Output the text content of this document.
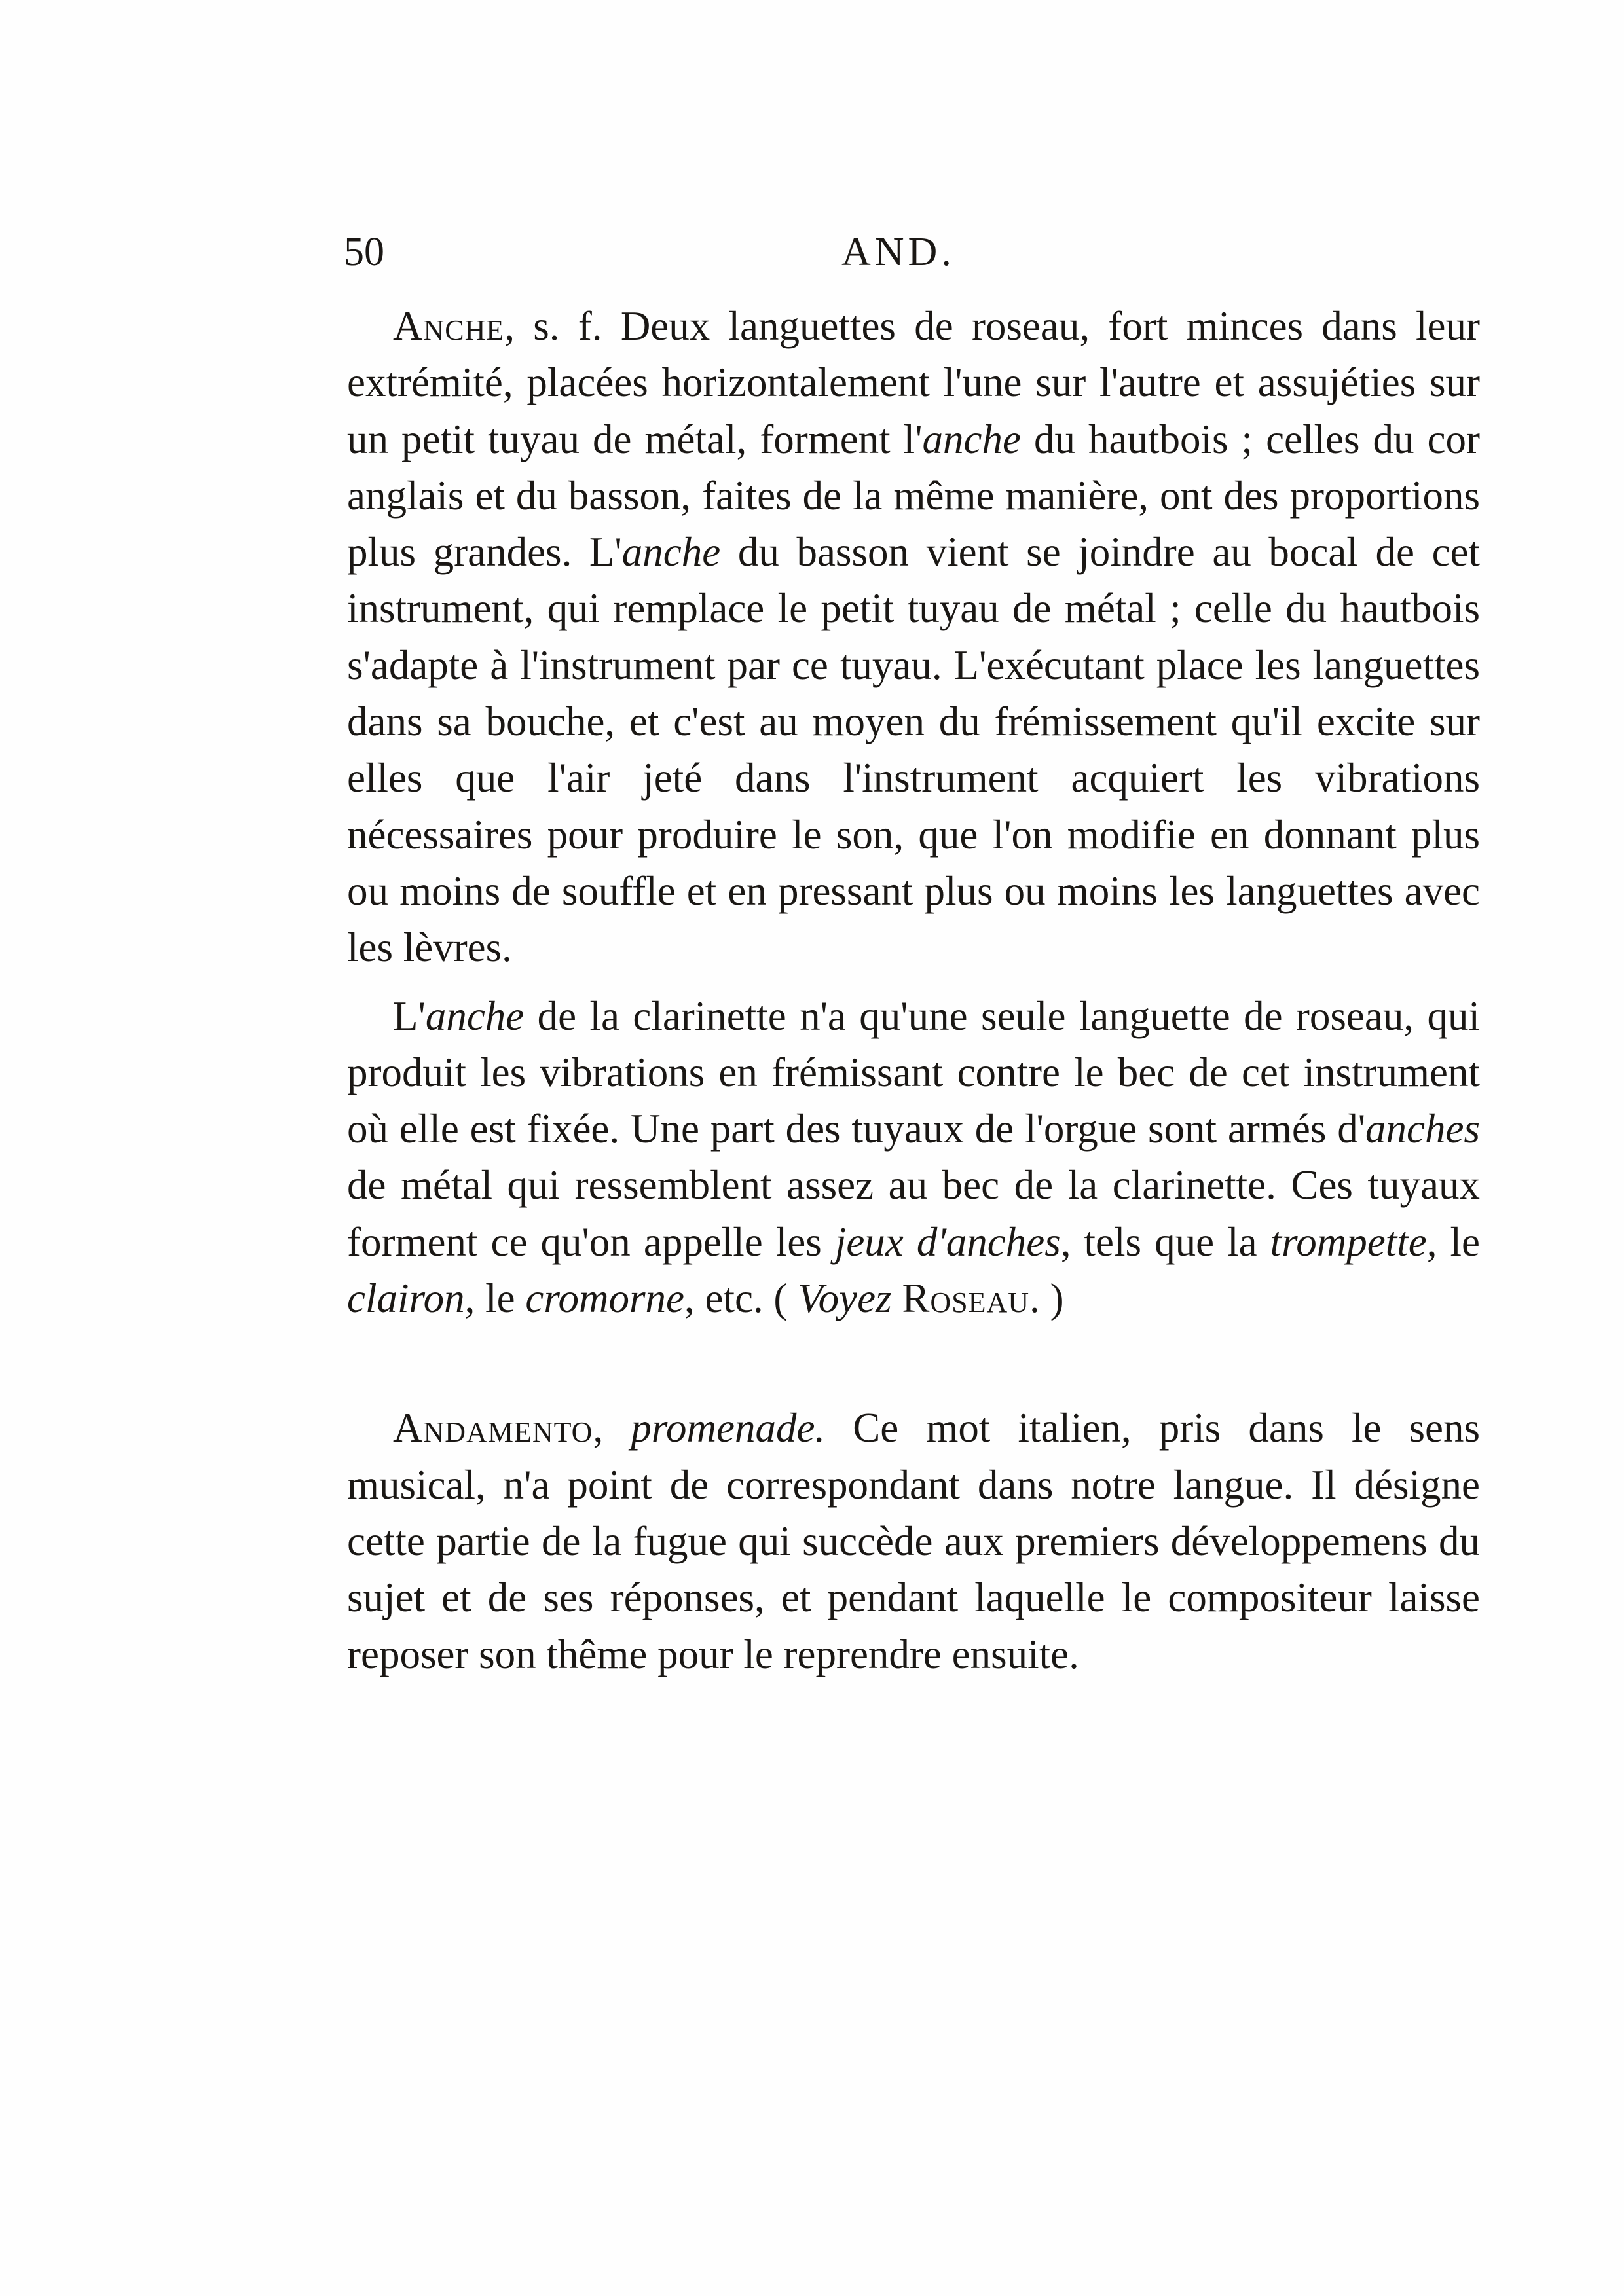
50	AND.

Anche, s. f. Deux languettes de roseau, fort minces dans leur extrémité, placées horizontalement l'une sur l'autre et assujéties sur un petit tuyau de métal, forment l'anche du hautbois ; celles du cor anglais et du basson, faites de la même manière, ont des proportions plus grandes. L'anche du basson vient se joindre au bocal de cet instrument, qui remplace le petit tuyau de métal ; celle du hautbois s'adapte à l'instrument par ce tuyau. L'exécutant place les languettes dans sa bouche, et c'est au moyen du frémissement qu'il excite sur elles que l'air jeté dans l'instrument acquiert les vibrations nécessaires pour produire le son, que l'on modifie en donnant plus ou moins de souffle et en pressant plus ou moins les languettes avec les lèvres.

L'anche de la clarinette n'a qu'une seule languette de roseau, qui produit les vibrations en frémissant contre le bec de cet instrument où elle est fixée. Une part des tuyaux de l'orgue sont armés d'anches de métal qui ressemblent assez au bec de la clarinette. Ces tuyaux forment ce qu'on appelle les jeux d'anches, tels que la trompette, le clairon, le cromorne, etc. ( Voyez Roseau. )

Andamento, promenade. Ce mot italien, pris dans le sens musical, n'a point de correspondant dans notre langue. Il désigne cette partie de la fugue qui succède aux premiers développemens du sujet et de ses réponses, et pendant laquelle le compositeur laisse reposer son thême pour le reprendre ensuite.
